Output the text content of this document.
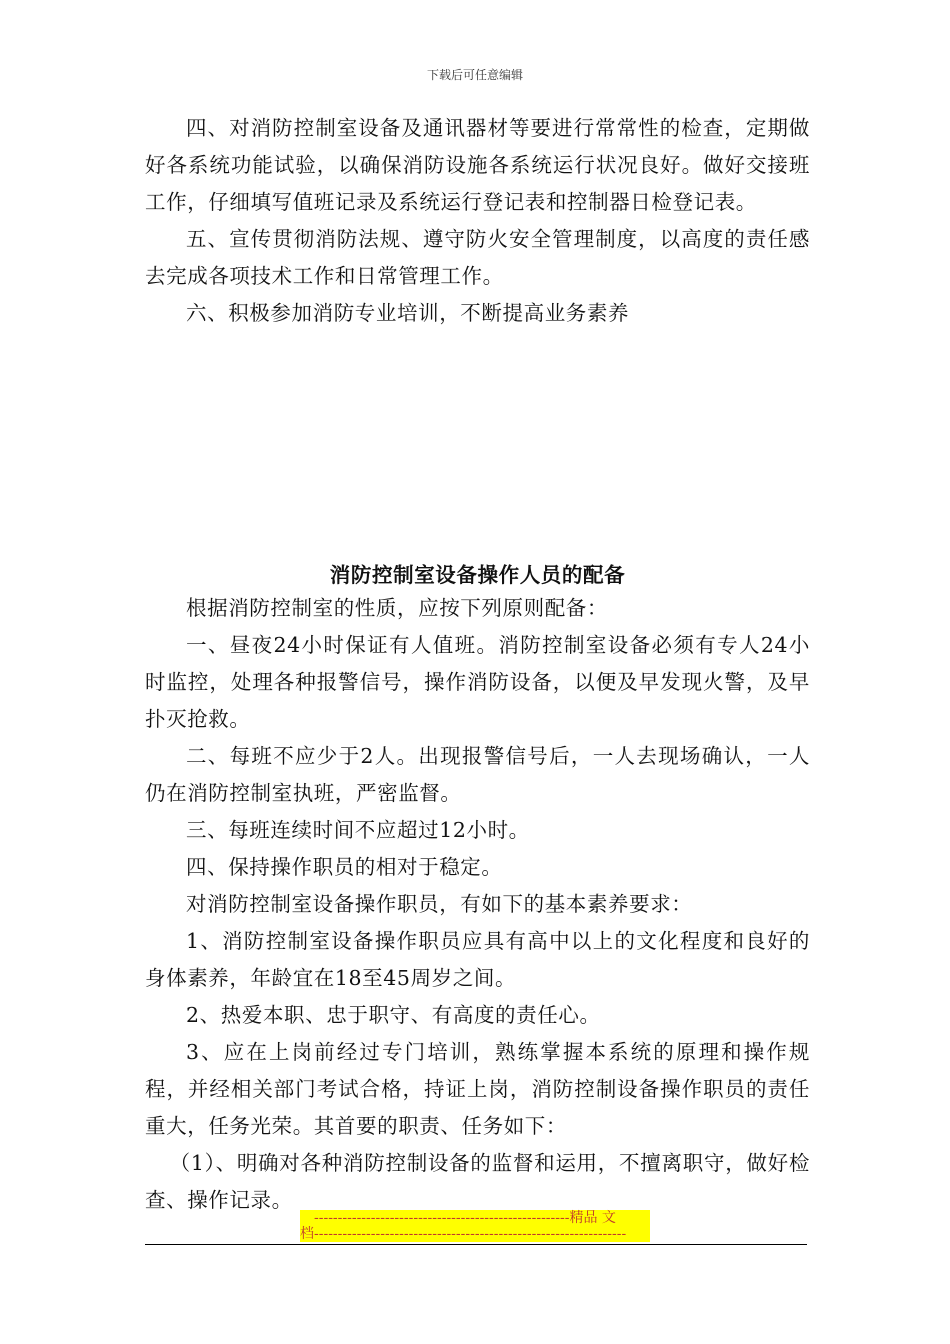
下载后可任意编辑

四、对消防控制室设备及通讯器材等要进行常常性的检查，定期做好各系统功能试验，以确保消防设施各系统运行状况良好。做好交接班工作，仔细填写值班记录及系统运行登记表和控制器日检登记表。

五、宣传贯彻消防法规、遵守防火安全管理制度，以高度的责任感去完成各项技术工作和日常管理工作。

六、积极参加消防专业培训，不断提高业务素养

消防控制室设备操作人员的配备

根据消防控制室的性质，应按下列原则配备：

一、昼夜24小时保证有人值班。消防控制室设备必须有专人24小时监控，处理各种报警信号，操作消防设备，以便及早发现火警，及早扑灭抢救。

二、每班不应少于2人。出现报警信号后，一人去现场确认，一人仍在消防控制室执班，严密监督。

三、每班连续时间不应超过12小时。

四、保持操作职员的相对于稳定。

对消防控制室设备操作职员，有如下的基本素养要求：

1、消防控制室设备操作职员应具有高中以上的文化程度和良好的身体素养，年龄宜在18至45周岁之间。

2、热爱本职、忠于职守、有高度的责任心。

3、应在上岗前经过专门培训，熟练掌握本系统的原理和操作规程，并经相关部门考试合格，持证上岗，消防控制设备操作职员的责任重大，任务光荣。其首要的职责、任务如下：

（1）、明确对各种消防控制设备的监督和运用，不擅离职守，做好检查、操作记录。

------------------------------------------------------精品 文
档------------------------------------------------------------------
